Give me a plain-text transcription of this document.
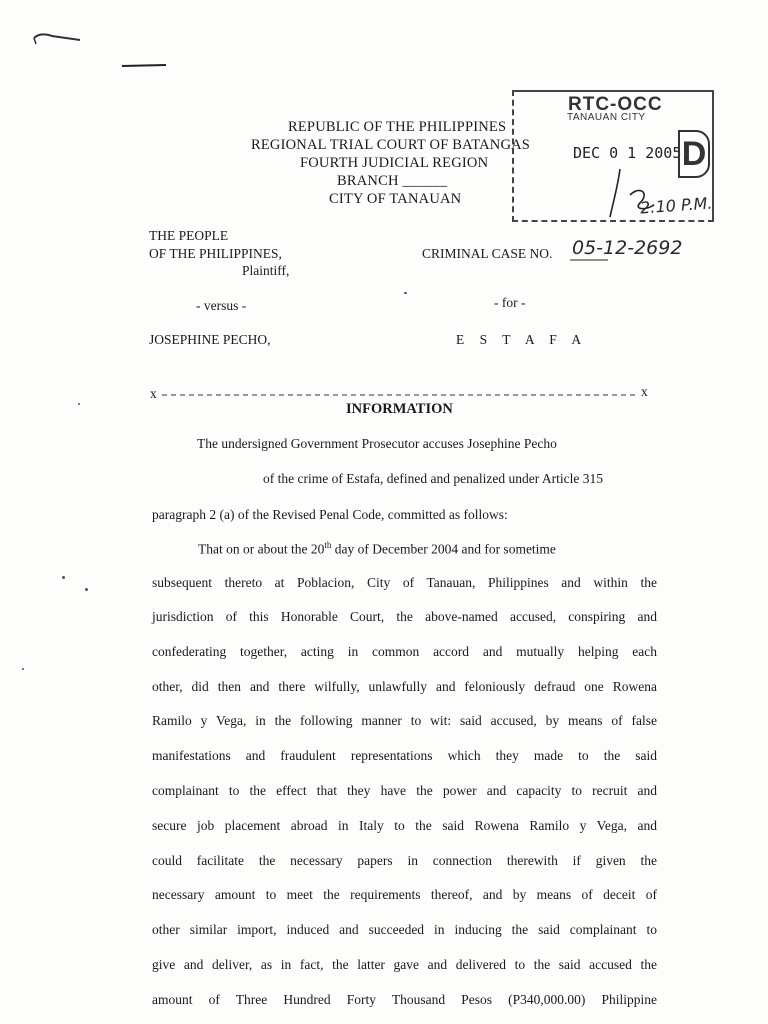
REPUBLIC OF THE PHILIPPINES
REGIONAL TRIAL COURT OF BATANGAS
FOURTH JUDICIAL REGION
BRANCH ______
CITY OF TANAUAN
RTC-OCC
TANAUAN CITY
DEC 0 1 2005 D
2:10 P.M.
THE PEOPLE
OF THE PHILIPPINES,
Plaintiff,
CRIMINAL CASE NO. 05-12-2692
- versus -	- for -
JOSEPHINE PECHO,	E S T A F A
x	x
INFORMATION
The undersigned Government Prosecutor accuses Josephine Pecho
of the crime of Estafa, defined and penalized under Article 315
paragraph 2 (a) of the Revised Penal Code, committed as follows:
That on or about the 20th day of December 2004 and for sometime
subsequent thereto at Poblacion, City of Tanauan, Philippines and within the
jurisdiction of this Honorable Court, the above-named accused, conspiring and
confederating together, acting in common accord and mutually helping each
other, did then and there wilfully, unlawfully and feloniously defraud one Rowena
Ramilo y Vega, in the following manner to wit: said accused, by means of false
manifestations and fraudulent representations which they made to the said
complainant to the effect that they have the power and capacity to recruit and
secure job placement abroad in Italy to the said Rowena Ramilo y Vega, and
could facilitate the necessary papers in connection therewith if given the
necessary amount to meet the requirements thereof, and by means of deceit of
other similar import, induced and succeeded in inducing the said complainant to
give and deliver, as in fact, the latter gave and delivered to the said accused the
amount of Three Hundred Forty Thousand Pesos (P340,000.00) Philippine
